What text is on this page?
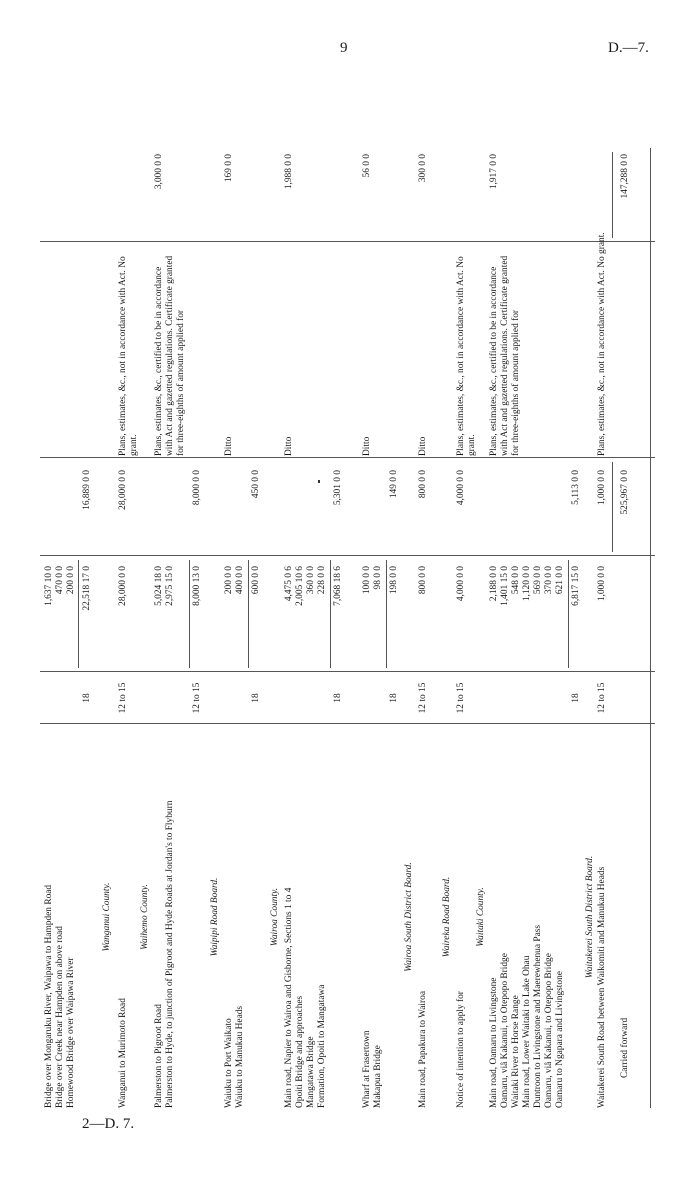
9	D.—7.
2—D. 7.
Bridge over Mongaruku River, Waipawa to Hampden Road Bridge over Creek near Hampden on above road Homewood Bridge over Waipawa River
1,637 10 0 470 0 0 200 0 0
18
22,518 17 0
16,889 0 0
Wanganui County.
Wanganui to Murimoto Road
12 to 15
28,000 0 0
28,000 0 0
Plans, estimates, &c., not in accordance with Act. No grant.
Waihemo County.
Palmerston to Pigroot Road Palmerston to Hyde, to junction of Pigroot and Hyde Roads at Jordan's to Flyburn
5,024 18 0 2,975 15 0
Plans, estimates, &c., certified to be in accordance with Act and gazetted regulations. Certificate granted for three-eighths of amount applied for
3,000 0 0
12 to 15
8,000 13 0
8,000 0 0
Waipipi Road Board.
Waiuku to Port Waikato Waiuku to Manukau Heads
200 0 0 400 0 0
Ditto
169 0 0
18
600 0 0
450 0 0
Wairoa County. Main road, Napier to Wairoa and Gisborne, Sections 1 to 4 Opoiti Bridge and approaches Mangatawa Bridge Formation, Opoiti to Mangatawa
4,475 0 6 2,005 10 6 360 0 0 228 0 0
Ditto
1,988 0 0
18
7,068 18 6
5,301 0 0
Wharf at Frasertown Makapua Bridge
100 0 0 98 0 0
Ditto
56 0 0
18
198 0 0
149 0 0
Wairoa South District Board.
Main road, Papakura to Wairoa
12 to 15
800 0 0
800 0 0
Ditto
300 0 0
Waireka Road Board.
Notice of intention to apply for
12 to 15
4,000 0 0
4,000 0 0
Plans, estimates, &c., not in accordance with Act. No grant.
Waitaki County.
Main road, Oamaru to Livingstone Oamaru, viâ Kakanui, to Otepopo Bridge Waitaki River to Horse Range Main road, Lower Waitaki to Lake Ohau Duntroon to Livingstone and Maerewhenua Pass Oamaru, viâ Kakanui, to Otepopo Bridge Oamaru to Ngapara and Livingstone
2,188 0 0 1,401 15 0 548 0 0 1,120 0 0 569 0 0 370 0 0 621 0 0
Plans, estimates, &c., certified to be in accordance with Act and gazetted regulations. Certificate granted for three-eighths of amount applied for
1,917 0 0
18
6,817 15 0
5,113 0 0
Waitakerei South District Board. Waitakerei South Road between Waikomiti and Manukau Heads
12 to 15
1,000 0 0
1,000 0 0
Plans, estimates, &c., not in accordance with Act. No grant.
Carried forward
525,967 0 0
147,288 0 0
